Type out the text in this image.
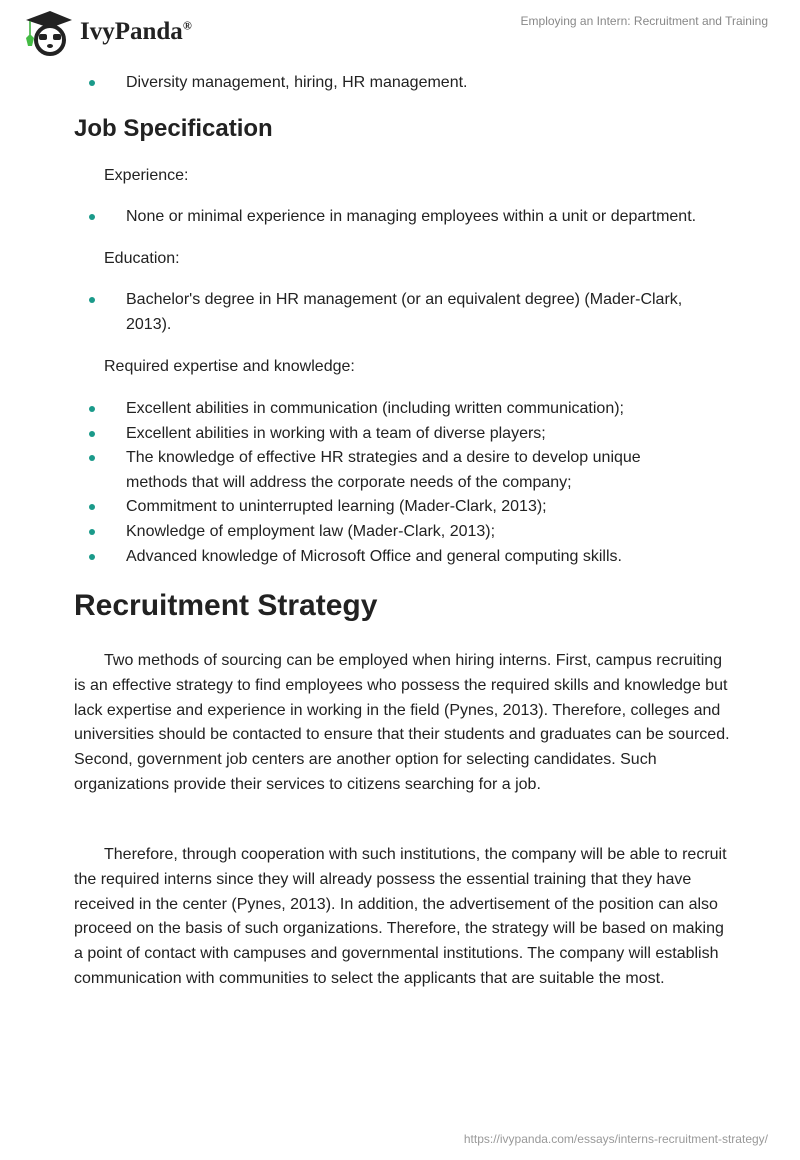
IvyPanda®	Employing an Intern: Recruitment and Training
Diversity management, hiring, HR management.
Job Specification
Experience:
None or minimal experience in managing employees within a unit or department.
Education:
Bachelor's degree in HR management (or an equivalent degree) (Mader-Clark, 2013).
Required expertise and knowledge:
Excellent abilities in communication (including written communication);
Excellent abilities in working with a team of diverse players;
The knowledge of effective HR strategies and a desire to develop unique methods that will address the corporate needs of the company;
Commitment to uninterrupted learning (Mader-Clark, 2013);
Knowledge of employment law (Mader-Clark, 2013);
Advanced knowledge of Microsoft Office and general computing skills.
Recruitment Strategy

Two methods of sourcing can be employed when hiring interns. First, campus recruiting is an effective strategy to find employees who possess the required skills and knowledge but lack expertise and experience in working in the field (Pynes, 2013). Therefore, colleges and universities should be contacted to ensure that their students and graduates can be sourced. Second, government job centers are another option for selecting candidates. Such organizations provide their services to citizens searching for a job.

Therefore, through cooperation with such institutions, the company will be able to recruit the required interns since they will already possess the essential training that they have received in the center (Pynes, 2013). In addition, the advertisement of the position can also proceed on the basis of such organizations. Therefore, the strategy will be based on making a point of contact with campuses and governmental institutions. The company will establish communication with communities to select the applicants that are suitable the most.

https://ivypanda.com/essays/interns-recruitment-strategy/
